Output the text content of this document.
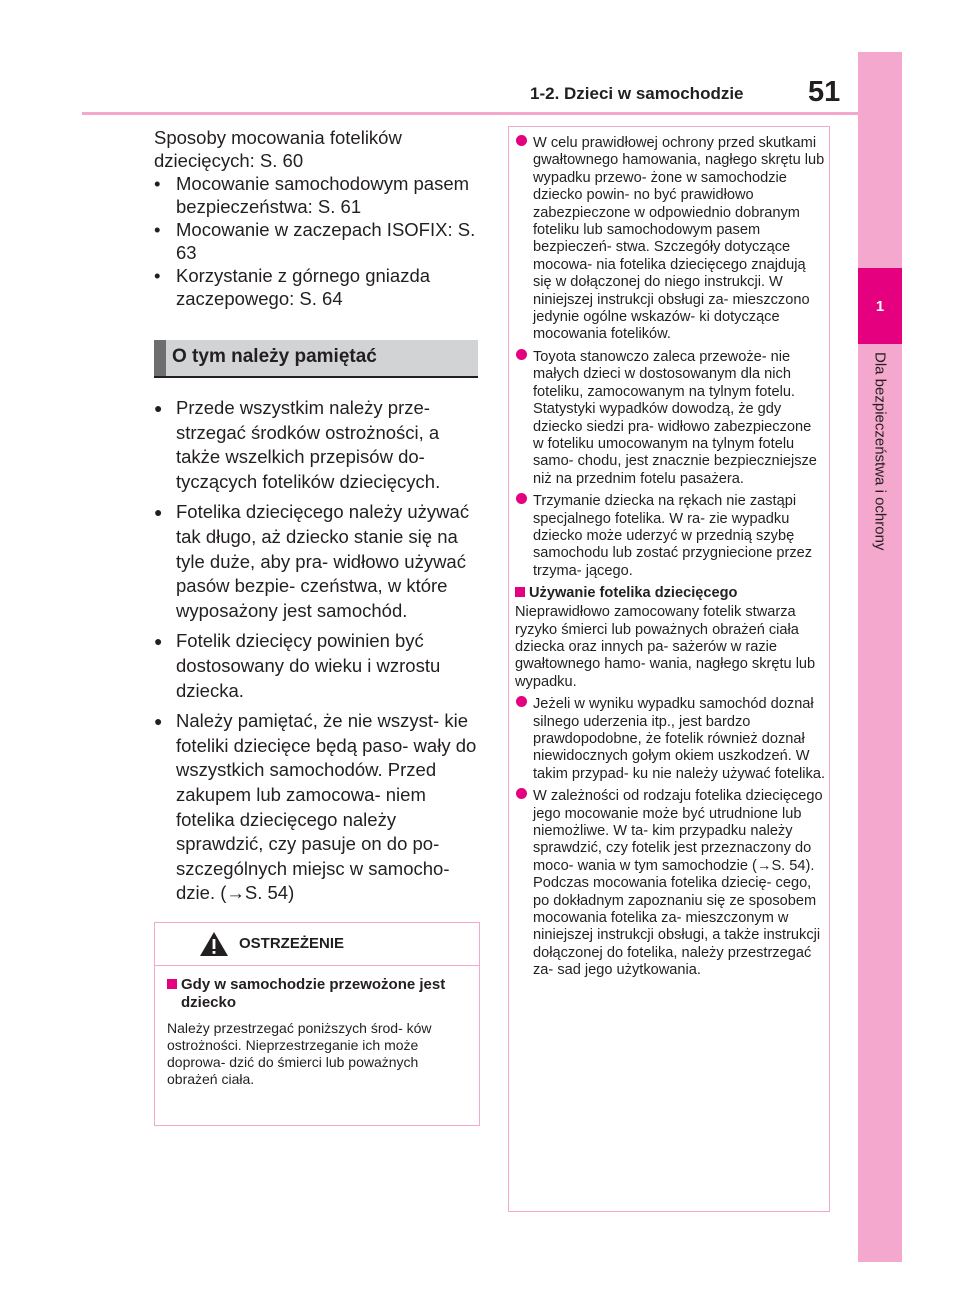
1-2. Dzieci w samochodzie 51
1
Dla bezpieczeństwa i ochrony

Sposoby mocowania fotelików dziecięcych: S. 60

• Mocowanie samochodowym pasem bezpieczeństwa: S. 61

• Mocowanie w zaczepach ISOFIX: S. 63

• Korzystanie z górnego gniazda zaczepowego: S. 64

O tym należy pamiętać
● Przede wszystkim należy prze- strzegać środków ostrożności, a także wszelkich przepisów do- tyczących fotelików dziecięcych.
● Fotelika dziecięcego należy używać tak długo, aż dziecko stanie się na tyle duże, aby pra- widłowo używać pasów bezpie- czeństwa, w które wyposażony jest samochód.
● Fotelik dziecięcy powinien być dostosowany do wieku i wzrostu dziecka.
● Należy pamiętać, że nie wszyst- kie foteliki dziecięce będą paso- wały do wszystkich samochodów. Przed zakupem lub zamocowa- niem fotelika dziecięcego należy sprawdzić, czy pasuje on do po- szczególnych miejsc w samocho- dzie. (→S. 54)
OSTRZEŻENIE
Gdy w samochodzie przewożone jest dziecko
Należy przestrzegać poniższych środ- ków ostrożności. Nieprzestrzeganie ich może doprowa- dzić do śmierci lub poważnych obrażeń ciała.

W celu prawidłowej ochrony przed skutkami gwałtownego hamowania, nagłego skrętu lub wypadku przewo- żone w samochodzie dziecko powin- no być prawidłowo zabezpieczone w odpowiednio dobranym foteliku lub samochodowym pasem bezpieczeń- stwa. Szczegóły dotyczące mocowa- nia fotelika dziecięcego znajdują się w dołączonej do niego instrukcji. W niniejszej instrukcji obsługi za- mieszczono jedynie ogólne wskazów- ki dotyczące mocowania fotelików.

Toyota stanowczo zaleca przewoże- nie małych dzieci w dostosowanym dla nich foteliku, zamocowanym na tylnym fotelu. Statystyki wypadków dowodzą, że gdy dziecko siedzi pra- widłowo zabezpieczone w foteliku umocowanym na tylnym fotelu samo- chodu, jest znacznie bezpieczniejsze niż na przednim fotelu pasażera.

Trzymanie dziecka na rękach nie zastąpi specjalnego fotelika. W ra- zie wypadku dziecko może uderzyć w przednią szybę samochodu lub zostać przygniecione przez trzyma- jącego.

Używanie fotelika dziecięcego

Nieprawidłowo zamocowany fotelik stwarza ryzyko śmierci lub poważnych obrażeń ciała dziecka oraz innych pa- sażerów w razie gwałtownego hamo- wania, nagłego skrętu lub wypadku.

Jeżeli w wyniku wypadku samochód doznał silnego uderzenia itp., jest bardzo prawdopodobne, że fotelik również doznał niewidocznych gołym okiem uszkodzeń. W takim przypad- ku nie należy używać fotelika.

W zależności od rodzaju fotelika dziecięcego jego mocowanie może być utrudnione lub niemożliwe. W ta- kim przypadku należy sprawdzić, czy fotelik jest przeznaczony do moco- wania w tym samochodzie (→S. 54). Podczas mocowania fotelika dziecię- cego, po dokładnym zapoznaniu się ze sposobem mocowania fotelika za- mieszczonym w niniejszej instrukcji obsługi, a także instrukcji dołączonej do fotelika, należy przestrzegać za- sad jego użytkowania.
